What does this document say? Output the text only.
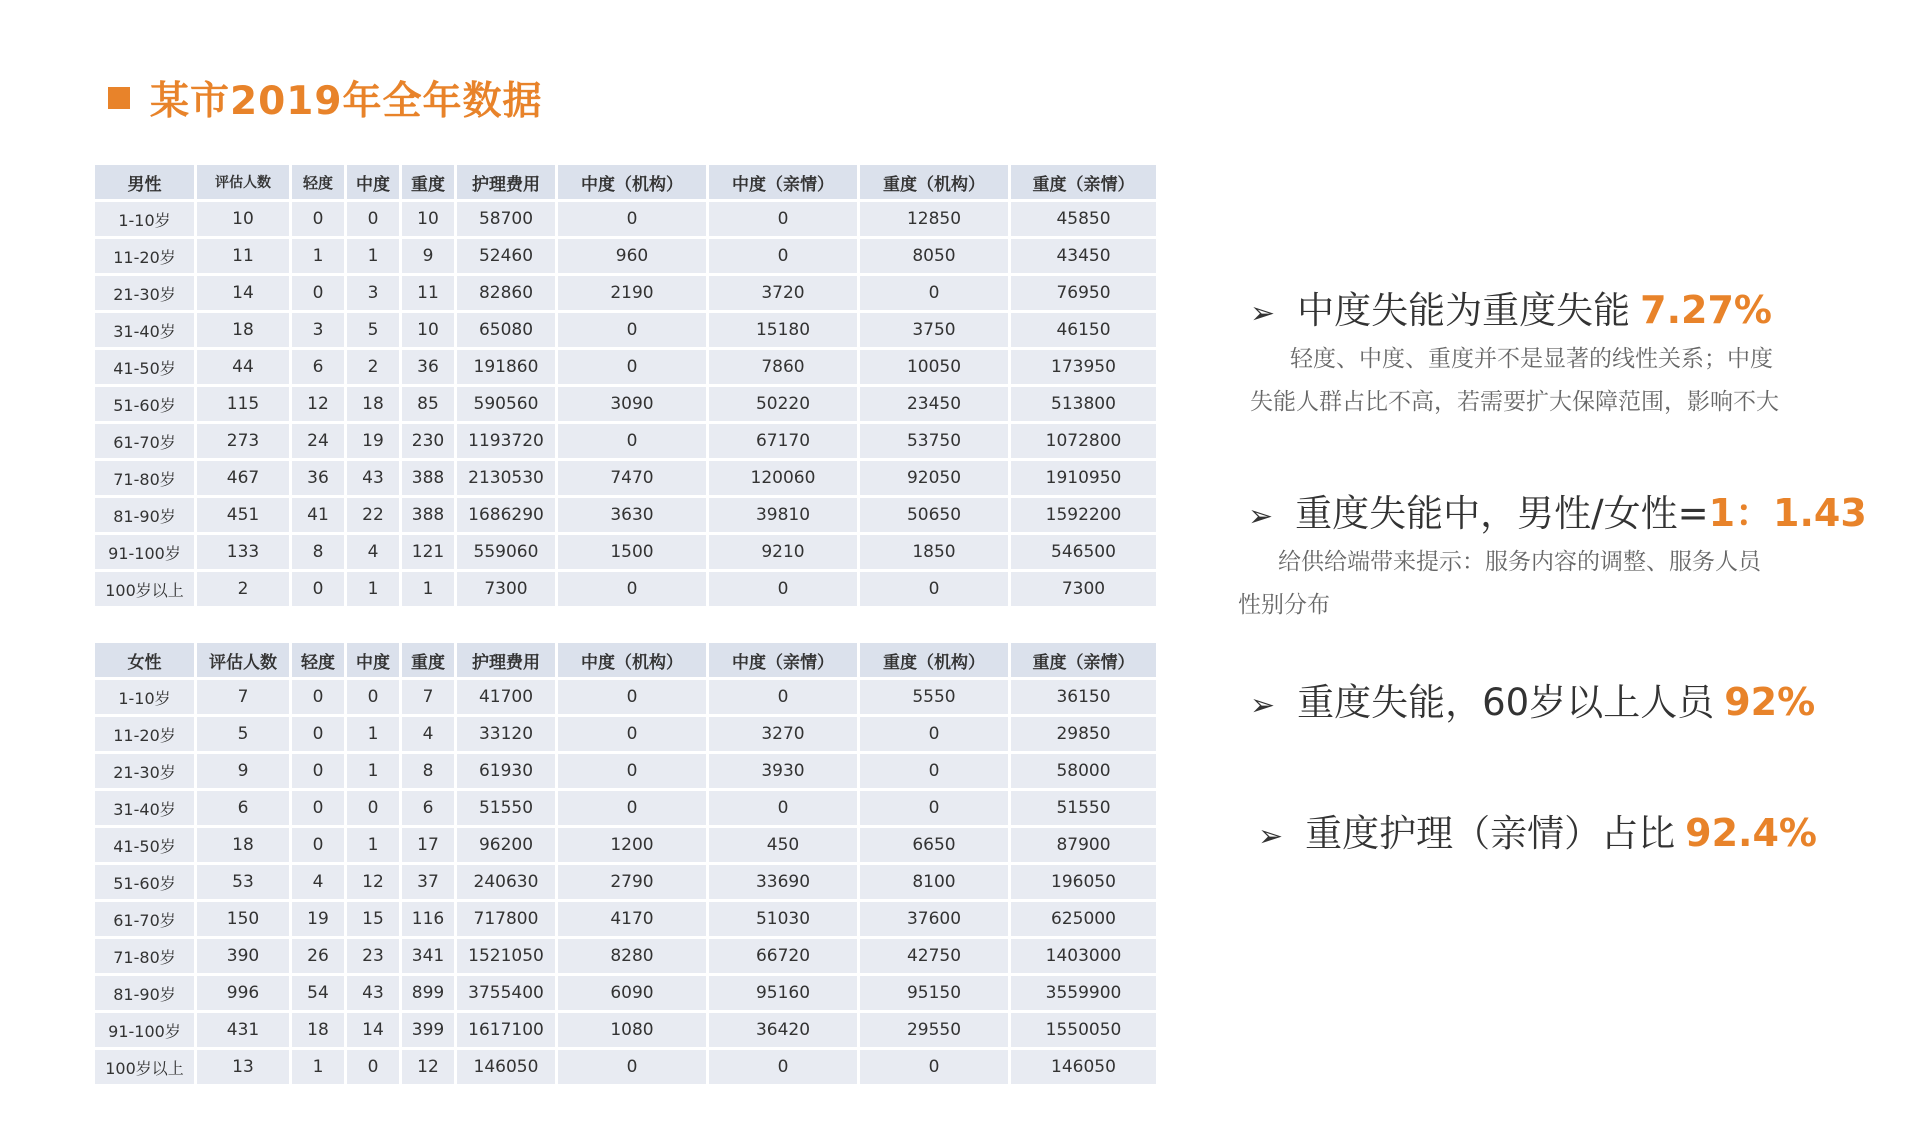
某市2019年全年数据
男性	评估人数	轻度	中度	重度	护理费用	中度（机构）	中度（亲情）	重度（机构）	重度（亲情）
1-10岁	10	0	0	10	58700	0	0	12850	45850
11-20岁	11	1	1	9	52460	960	0	8050	43450
21-30岁	14	0	3	11	82860	2190	3720	0	76950
31-40岁	18	3	5	10	65080	0	15180	3750	46150
41-50岁	44	6	2	36	191860	0	7860	10050	173950
51-60岁	115	12	18	85	590560	3090	50220	23450	513800
61-70岁	273	24	19	230	1193720	0	67170	53750	1072800
71-80岁	467	36	43	388	2130530	7470	120060	92050	1910950
81-90岁	451	41	22	388	1686290	3630	39810	50650	1592200
91-100岁	133	8	4	121	559060	1500	9210	1850	546500
100岁以上	2	0	1	1	7300	0	0	0	7300
女性	评估人数	轻度	中度	重度	护理费用	中度（机构）	中度（亲情）	重度（机构）	重度（亲情）
1-10岁	7	0	0	7	41700	0	0	5550	36150
11-20岁	5	0	1	4	33120	0	3270	0	29850
21-30岁	9	0	1	8	61930	0	3930	0	58000
31-40岁	6	0	0	6	51550	0	0	0	51550
41-50岁	18	0	1	17	96200	1200	450	6650	87900
51-60岁	53	4	12	37	240630	2790	33690	8100	196050
61-70岁	150	19	15	116	717800	4170	51030	37600	625000
71-80岁	390	26	23	341	1521050	8280	66720	42750	1403000
81-90岁	996	54	43	899	3755400	6090	95160	95150	3559900
91-100岁	431	18	14	399	1617100	1080	36420	29550	1550050
100岁以上	13	1	0	12	146050	0	0	0	146050
➢ 中度失能为重度失能 7.27%
轻度、中度、重度并不是显著的线性关系；中度
失能人群占比不高，若需要扩大保障范围，影响不大
➢ 重度失能中，男性/女性= 1：1.43
给供给端带来提示：服务内容的调整、服务人员
性别分布
➢ 重度失能，60岁以上人员 92%
➢ 重度护理（亲情）占比 92.4%
